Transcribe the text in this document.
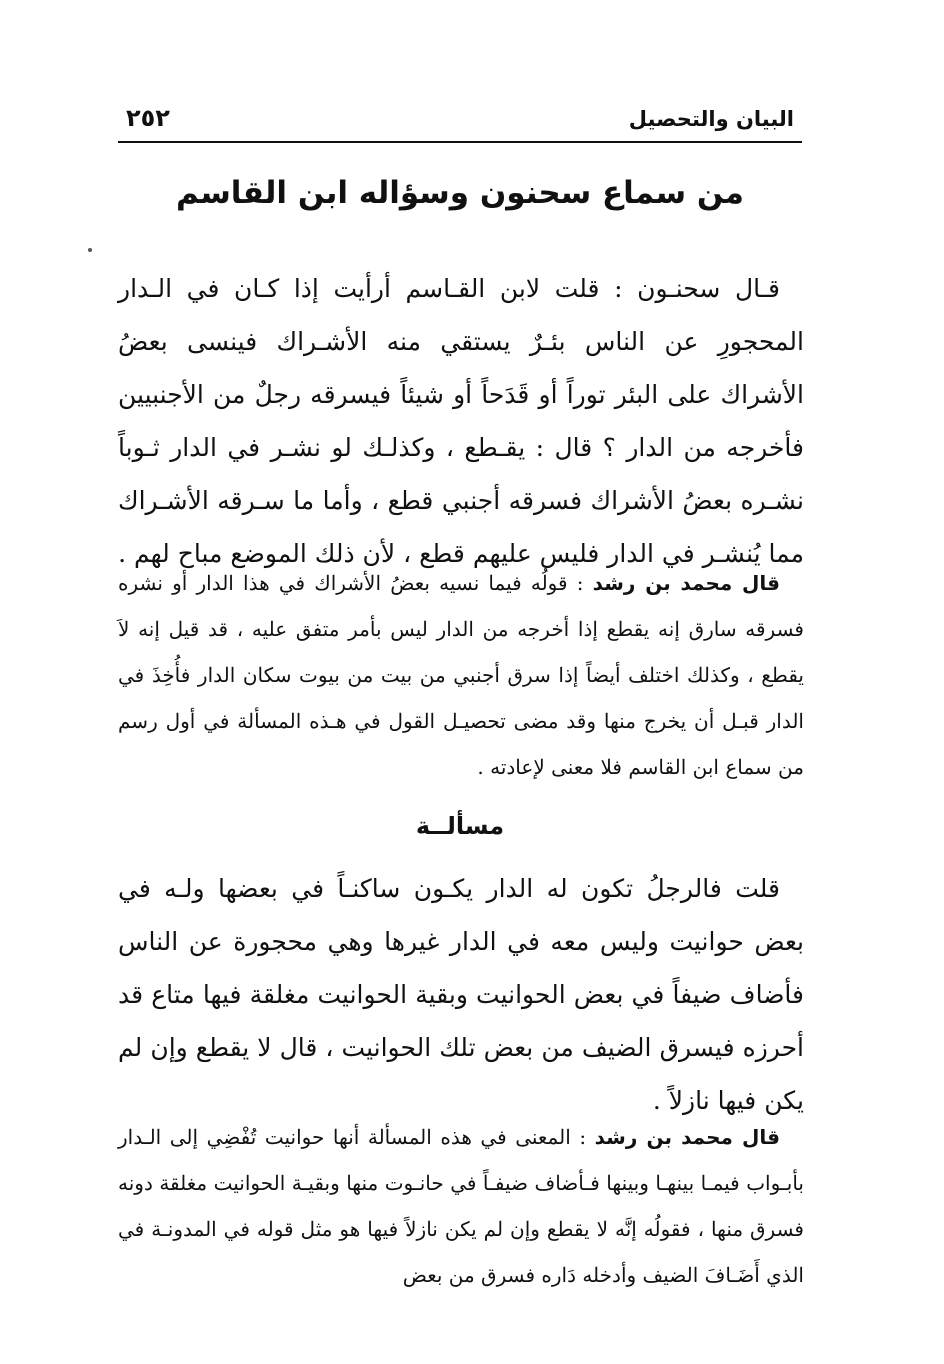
البيان والتحصيل
٢٥٢
من سماع سحنون وسؤاله ابن القاسم

قـال سحنـون : قلت لابن القـاسم أرأيت إذا كـان في الـدار المحجورِ عن الناس بئـرٌ يستقي منه الأشـراك فينسى بعضُ الأشراك على البئر توراً أو قَدَحاً أو شيئاً فيسرقه رجلٌ من الأجنبيين فأخرجه من الدار ؟ قال : يقـطع ، وكذلـك لو نشـر في الدار ثـوباً نشـره بعضُ الأشراك فسرقه أجنبي قطع ، وأما ما سـرقه الأشـراك مما يُنشـر في الدار فليس عليهم قطع ، لأن ذلك الموضع مباح لهم .

قال محمد بن رشد : قولُه فيما نسيه بعضُ الأشراك في هذا الدار أو نشره فسرقه سارق إنه يقطع إذا أخرجه من الدار ليس بأمر متفق عليه ، قد قيل إنه لاَ يقطع ، وكذلك اختلف أيضاً إذا سرق أجنبي من بيت من بيوت سكان الدار فأُخِذَ في الدار قبـل أن يخرج منها وقد مضى تحصيـل القول في هـذه المسألة في أول رسم من سماع ابن القاسم فلا معنى لإعادته .

مسألــة

قلت فالرجلُ تكون له الدار يكـون ساكنـاً في بعضها ولـه في بعض حوانيت وليس معه في الدار غيرها وهي محجورة عن الناس فأضاف ضيفاً في بعض الحوانيت وبقية الحوانيت مغلقة فيها متاع قد أحرزه فيسرق الضيف من بعض تلك الحوانيت ، قال لا يقطع وإن لم يكن فيها نازلاً .

قال محمد بن رشد : المعنى في هذه المسألة أنها حوانيت تُفْضِي إلى الـدار بأبـواب فيمـا بينهـا وبينها فـأضاف ضيفـاً في حانـوت منها وبقيـة الحوانيت مغلقة دونه فسرق منها ، فقولُه إنَّه لا يقطع وإن لم يكن نازلاً فيها هو مثل قوله في المدونـة في الذي أَضَـافَ الضيف وأدخله دَاره فسرق من بعض
